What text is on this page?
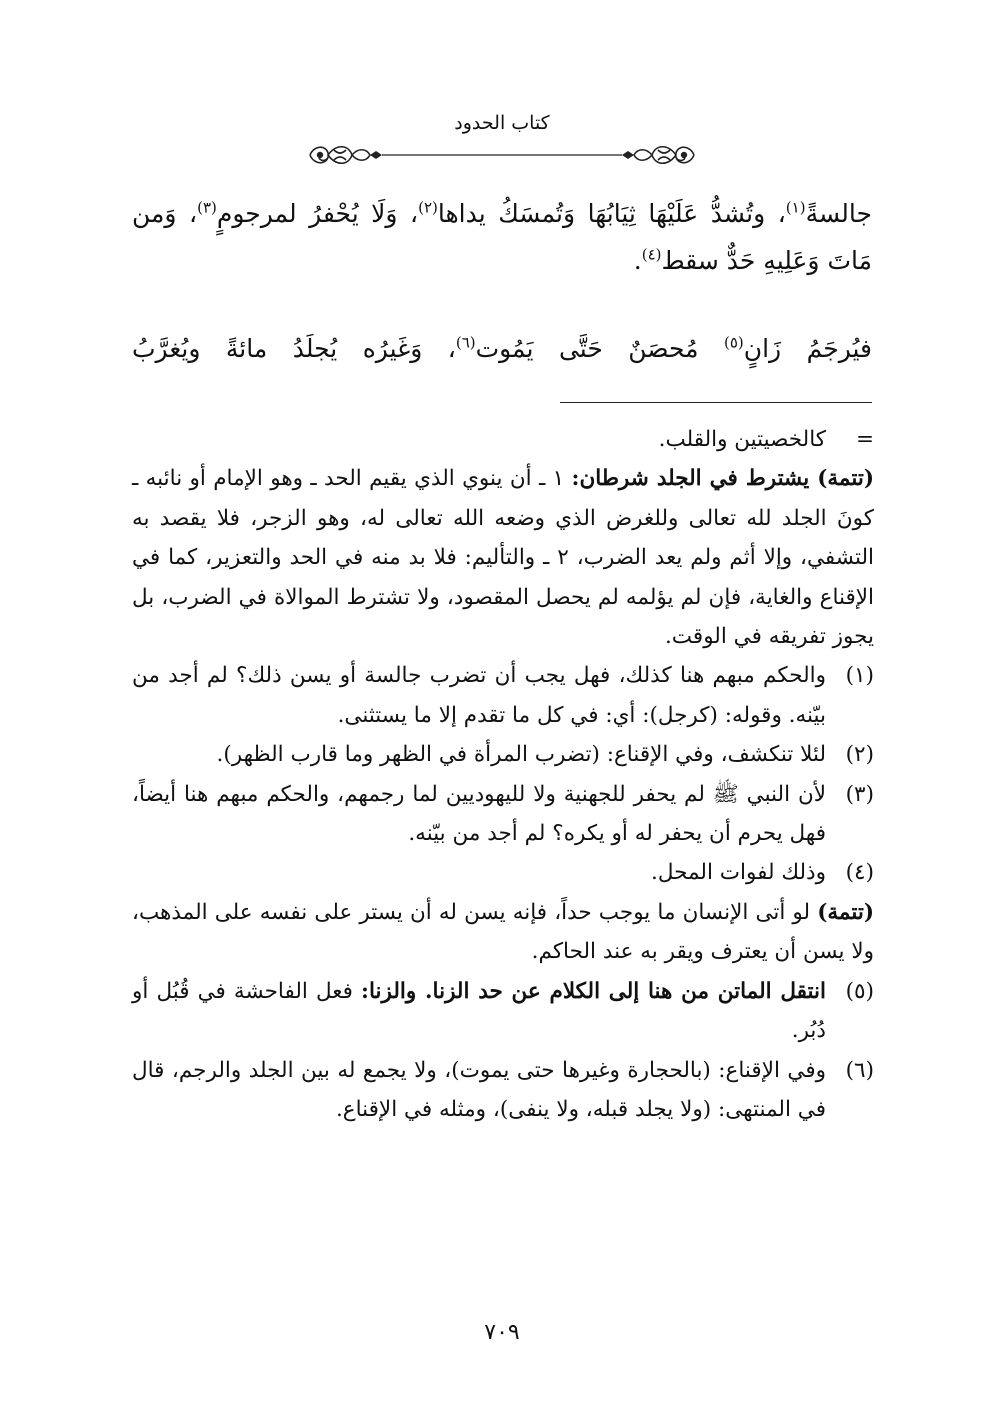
كتاب الحدود

جالسةً$^{(١)}$، وتُشدُّ عَلَيْهَا ثِيَابُهَا وَتُمسَكُ يداها$^{(٢)}$، وَلَا يُحْفرُ لمرجومٍ$^{(٣)}$، وَمن مَاتَ وَعَلِيهِ حَدٌّ سقط$^{(٤)}$.

فيُرجَمُ زَانٍ$^{(٥)}$ مُحصَنٌ حَتَّى يَمُوت$^{(٦)}$، وَغَيرُه يُجلَدُ مائةً ويُغرَّبُ

=
كالخصيتين والقلب.
(تتمة) يشترط في الجلد شرطان: ١ ـ أن ينوي الذي يقيم الحد ـ وهو الإمام أو نائبه ـ كونَ الجلد لله تعالى وللغرض الذي وضعه الله تعالى له، وهو الزجر، فلا يقصد به التشفي، وإلا أثم ولم يعد الضرب، ٢ ـ والتأليم: فلا بد منه في الحد والتعزير، كما في الإقناع والغاية، فإن لم يؤلمه لم يحصل المقصود، ولا تشترط الموالاة في الضرب، بل يجوز تفريقه في الوقت.
(١)
والحكم مبهم هنا كذلك، فهل يجب أن تضرب جالسة أو يسن ذلك؟ لم أجد من بيّنه. وقوله: (كرجل): أي: في كل ما تقدم إلا ما يستثنى.
(٢)
لئلا تنكشف، وفي الإقناع: (تضرب المرأة في الظهر وما قارب الظهر).
(٣)
لأن النبي ﷺ لم يحفر للجهنية ولا لليهوديين لما رجمهم، والحكم مبهم هنا أيضاً، فهل يحرم أن يحفر له أو يكره؟ لم أجد من بيّنه.
(٤)
وذلك لفوات المحل.
(تتمة) لو أتى الإنسان ما يوجب حداً، فإنه يسن له أن يستر على نفسه على المذهب، ولا يسن أن يعترف ويقر به عند الحاكم.
(٥)
انتقل الماتن من هنا إلى الكلام عن حد الزنا. والزنا: فعل الفاحشة في قُبُل أو دُبُر.
(٦)
وفي الإقناع: (بالحجارة وغيرها حتى يموت)، ولا يجمع له بين الجلد والرجم، قال في المنتهى: (ولا يجلد قبله، ولا ينفى)، ومثله في الإقناع.
٧٠٩
